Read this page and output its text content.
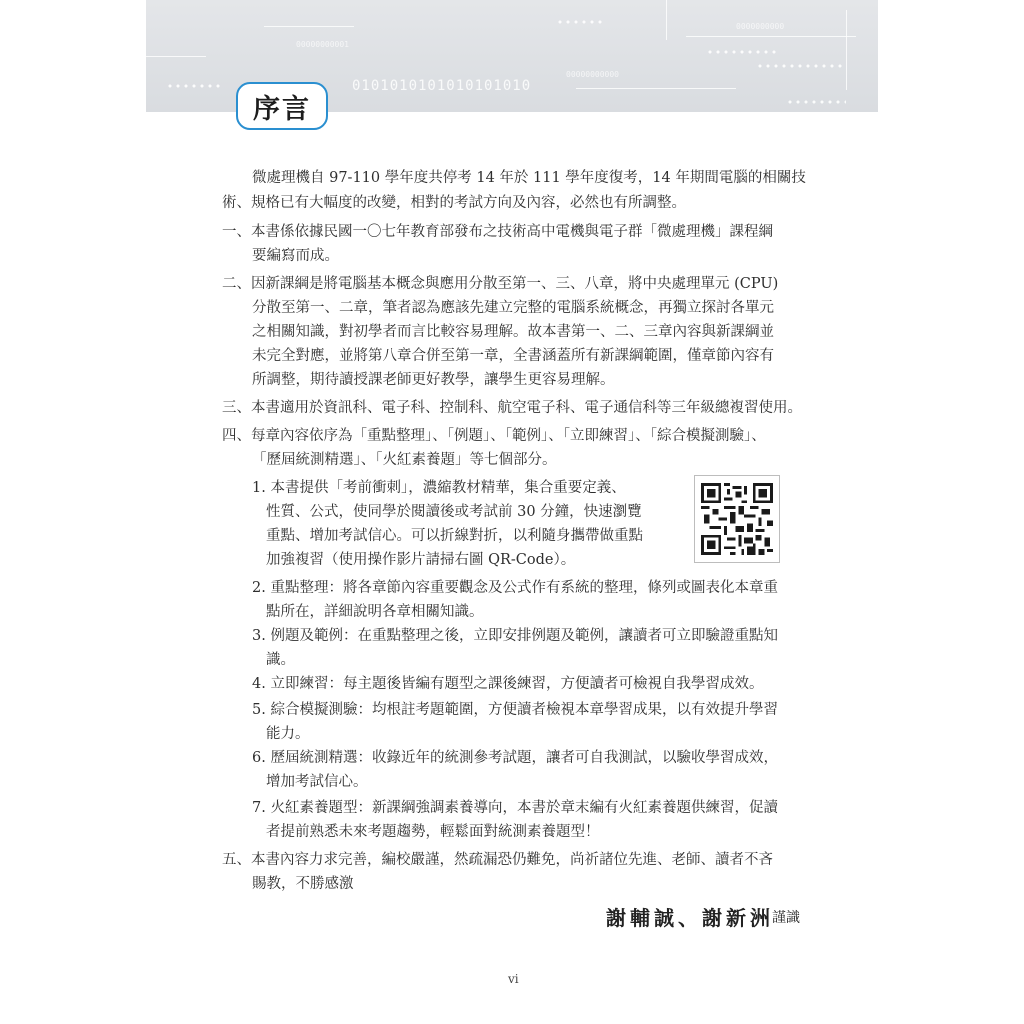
00000000001
0000000000
00000000000
0101010101010101010
序言
微處理機自 97-110 學年度共停考 14 年於 111 學年度復考，14 年期間電腦的相關技
術、規格已有大幅度的改變，相對的考試方向及內容，必然也有所調整。
一、本書係依據民國一〇七年教育部發布之技術高中電機與電子群「微處理機」課程綱
要編寫而成。
二、因新課綱是將電腦基本概念與應用分散至第一、三、八章，將中央處理單元 (CPU)
分散至第一、二章，筆者認為應該先建立完整的電腦系統概念，再獨立探討各單元
之相關知識，對初學者而言比較容易理解。故本書第一、二、三章內容與新課綱並
未完全對應，並將第八章合併至第一章，全書涵蓋所有新課綱範圍，僅章節內容有
所調整，期待讀授課老師更好教學，讓學生更容易理解。
三、本書適用於資訊科、電子科、控制科、航空電子科、電子通信科等三年級總複習使用。
四、每章內容依序為「重點整理」、「例題」、「範例」、「立即練習」、「綜合模擬測驗」、
「歷屆統測精選」、「火紅素養題」等七個部分。
1. 本書提供「考前衝刺」，濃縮教材精華，集合重要定義、
性質、公式，使同學於閱讀後或考試前 30 分鐘，快速瀏覽
重點、增加考試信心。可以折線對折，以利隨身攜帶做重點
加強複習（使用操作影片請掃右圖 QR-Code）。
2. 重點整理：將各章節內容重要觀念及公式作有系統的整理，條列或圖表化本章重
點所在，詳細說明各章相關知識。
3. 例題及範例：在重點整理之後，立即安排例題及範例，讓讀者可立即驗證重點知
識。
4. 立即練習：每主題後皆編有題型之課後練習，方便讀者可檢視自我學習成效。
5. 綜合模擬測驗：均根註考題範圍，方便讀者檢視本章學習成果，以有效提升學習
能力。
6. 歷屆統測精選：收錄近年的統測參考試題，讓者可自我測試，以驗收學習成效，
增加考試信心。
7. 火紅素養題型：新課綱強調素養導向，本書於章末編有火紅素養題供練習，促讀
者提前熟悉未來考題趨勢，輕鬆面對統測素養題型！
五、本書內容力求完善，編校嚴謹，然疏漏恐仍難免，尚祈諸位先進、老師、讀者不吝
賜教，不勝感激
謝輔誠、謝新洲
謹識
vi
